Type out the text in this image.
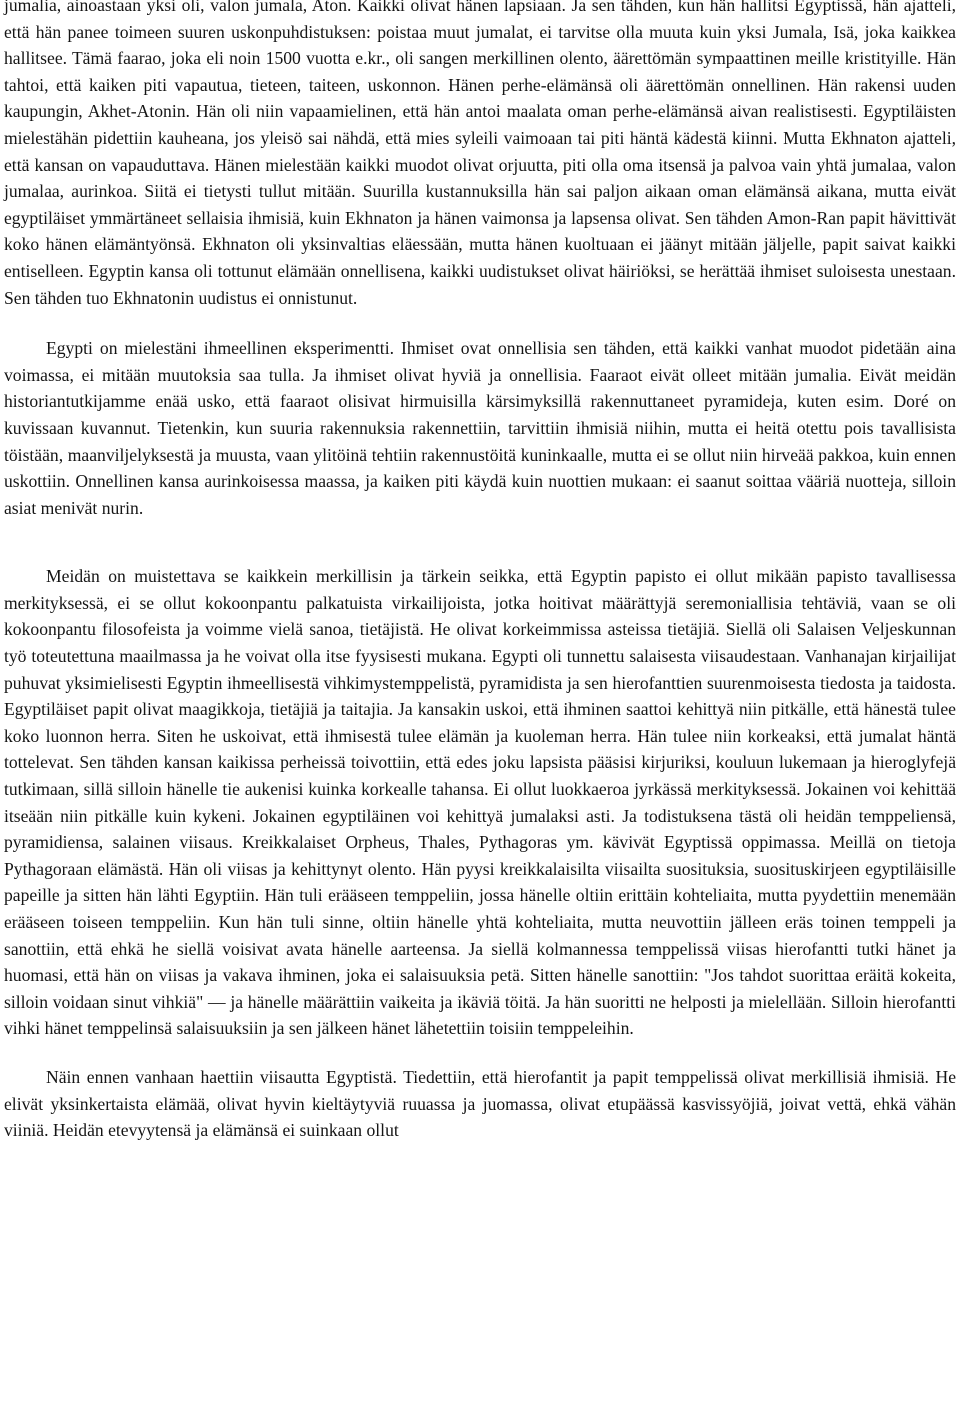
jumalia, ainoastaan yksi oli, valon jumala, Aton. Kaikki olivat hänen lapsiaan. Ja sen tähden, kun hän hallitsi Egyptissä, hän ajatteli, että hän panee toimeen suuren uskonpuhdistuksen: poistaa muut jumalat, ei tarvitse olla muuta kuin yksi Jumala, Isä, joka kaikkea hallitsee. Tämä faarao, joka eli noin 1500 vuotta e.kr., oli sangen merkillinen olento, äärettömän sympaattinen meille kristityille. Hän tahtoi, että kaiken piti vapautua, tieteen, taiteen, uskonnon. Hänen perhe-elämänsä oli äärettömän onnellinen. Hän rakensi uuden kaupungin, Akhet-Atonin. Hän oli niin vapaamielinen, että hän antoi maalata oman perhe-elämänsä aivan realistisesti. Egyptiläisten mielestähän pidettiin kauheana, jos yleisö sai nähdä, että mies syleili vaimoaan tai piti häntä kädestä kiinni. Mutta Ekhnaton ajatteli, että kansan on vapauduttava. Hänen mielestään kaikki muodot olivat orjuutta, piti olla oma itsensä ja palvoa vain yhtä jumalaa, valon jumalaa, aurinkoa. Siitä ei tietysti tullut mitään. Suurilla kustannuksilla hän sai paljon aikaan oman elämänsä aikana, mutta eivät egyptiläiset ymmärtäneet sellaisia ihmisiä, kuin Ekhnaton ja hänen vaimonsa ja lapsensa olivat. Sen tähden Amon-Ran papit hävittivät koko hänen elämäntyönsä. Ekhnaton oli yksinvaltias eläessään, mutta hänen kuoltuaan ei jäänyt mitään jäljelle, papit saivat kaikki entiselleen. Egyptin kansa oli tottunut elämään onnellisena, kaikki uudistukset olivat häiriöksi, se herättää ihmiset suloisesta unestaan. Sen tähden tuo Ekhnatonin uudistus ei onnistunut.

Egypti on mielestäni ihmeellinen eksperimentti. Ihmiset ovat onnellisia sen tähden, että kaikki vanhat muodot pidetään aina voimassa, ei mitään muutoksia saa tulla. Ja ihmiset olivat hyviä ja onnellisia. Faaraot eivät olleet mitään jumalia. Eivät meidän historiantutkijamme enää usko, että faaraot olisivat hirmuisilla kärsimyksillä rakennuttaneet pyramideja, kuten esim. Doré on kuvissaan kuvannut. Tietenkin, kun suuria rakennuksia rakennettiin, tarvittiin ihmisiä niihin, mutta ei heitä otettu pois tavallisista töistään, maanviljelyksestä ja muusta, vaan ylitöinä tehtiin rakennustöitä kuninkaalle, mutta ei se ollut niin hirveää pakkoa, kuin ennen uskottiin. Onnellinen kansa aurinkoisessa maassa, ja kaiken piti käydä kuin nuottien mukaan: ei saanut soittaa vääriä nuotteja, silloin asiat menivät nurin.

Meidän on muistettava se kaikkein merkillisin ja tärkein seikka, että Egyptin papisto ei ollut mikään papisto tavallisessa merkityksessä, ei se ollut kokoonpantu palkatuista virkailijoista, jotka hoitivat määrättyjä seremoniallisia tehtäviä, vaan se oli kokoonpantu filosofeista ja voimme vielä sanoa, tietäjistä. He olivat korkeimmissa asteissa tietäjiä. Siellä oli Salaisen Veljeskunnan työ toteutettuna maailmassa ja he voivat olla itse fyysisesti mukana. Egypti oli tunnettu salaisesta viisaudestaan. Vanhanajan kirjailijat puhuvat yksimielisesti Egyptin ihmeellisestä vihkimystemppelistä, pyramidista ja sen hierofanttien suurenmoisesta tiedosta ja taidosta. Egyptiläiset papit olivat maagikkoja, tietäjiä ja taitajia. Ja kansakin uskoi, että ihminen saattoi kehittyä niin pitkälle, että hänestä tulee koko luonnon herra. Siten he uskoivat, että ihmisestä tulee elämän ja kuoleman herra. Hän tulee niin korkeaksi, että jumalat häntä tottelevat. Sen tähden kansan kaikissa perheissä toivottiin, että edes joku lapsista pääsisi kirjuriksi, kouluun lukemaan ja hieroglyfejä tutkimaan, sillä silloin hänelle tie aukenisi kuinka korkealle tahansa. Ei ollut luokkaeroa jyrkässä merkityksessä. Jokainen voi kehittää itseään niin pitkälle kuin kykeni. Jokainen egyptiläinen voi kehittyä jumalaksi asti. Ja todistuksena tästä oli heidän temppeliensä, pyramidiensa, salainen viisaus. Kreikkalaiset Orpheus, Thales, Pythagoras ym. kävivät Egyptissä oppimassa. Meillä on tietoja Pythagoraan elämästä. Hän oli viisas ja kehittynyt olento. Hän pyysi kreikkalaisilta viisailta suosituksia, suosituskirjeen egyptiläisille papeille ja sitten hän lähti Egyptiin. Hän tuli erääseen temppeliin, jossa hänelle oltiin erittäin kohteliaita, mutta pyydettiin menemään erääseen toiseen temppeliin. Kun hän tuli sinne, oltiin hänelle yhtä kohteliaita, mutta neuvottiin jälleen eräs toinen temppeli ja sanottiin, että ehkä he siellä voisivat avata hänelle aarteensa. Ja siellä kolmannessa temppelissä viisas hierofantti tutki hänet ja huomasi, että hän on viisas ja vakava ihminen, joka ei salaisuuksia petä. Sitten hänelle sanottiin: "Jos tahdot suorittaa eräitä kokeita, silloin voidaan sinut vihkiä" — ja hänelle määrättiin vaikeita ja ikäviä töitä. Ja hän suoritti ne helposti ja mielellään. Silloin hierofantti vihki hänet temppelinsä salaisuuksiin ja sen jälkeen hänet lähetettiin toisiin temppeleihin.

Näin ennen vanhaan haettiin viisautta Egyptistä. Tiedettiin, että hierofantit ja papit temppelissä olivat merkillisiä ihmisiä. He elivät yksinkertaista elämää, olivat hyvin kieltäytyviä ruuassa ja juomassa, olivat etupäässä kasvissyöjiä, joivat vettä, ehkä vähän viiniä. Heidän etevyytensä ja elämänsä ei suinkaan ollut
